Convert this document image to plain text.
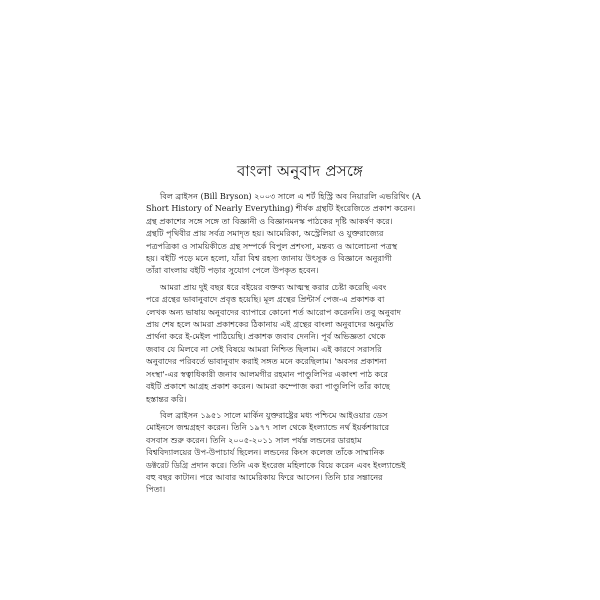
বাংলা অনুবাদ প্রসঙ্গে
বিল ব্রাইসন (Bill Bryson) ২০০৩ সালে এ শর্ট হিস্ট্রি অব নিয়ারলি এভরিথিং (A
Short History of Nearly Everything) শীর্ষক গ্রন্থটি ইংরেজিতে প্রকাশ করেন।
গ্রন্থ প্রকাশের সঙ্গে সঙ্গে তা বিজ্ঞানী ও বিজ্ঞানমনস্ক পাঠকের দৃষ্টি আকর্ষণ করে।
গ্রন্থটি পৃথিবীর প্রায় সর্বত্র সমাদৃত হয়। আমেরিকা, অস্ট্রেলিয়া ও যুক্তরাজ্যের
পত্রপত্রিকা ও সাময়িকীতে গ্রন্থ সম্পর্কে বিপুল প্রশংসা, মন্তব্য ও আলোচনা পত্রস্থ
হয়। বইটি পড়ে মনে হলো, যাঁরা বিশ্ব রহস্য জানায় উৎসুক ও বিজ্ঞানে অনুরাগী
তাঁরা বাংলায় বইটি পড়ার সুযোগ পেলে উপকৃত হবেন।
আমরা প্রায় দুই বছর ধরে বইয়ের বক্তব্য আত্মস্থ করার চেষ্টা করেছি এবং
পরে গ্রন্থের ভাবানুবাদে প্রবৃত্ত হয়েছি। মূল গ্রন্থের প্রিন্টার্স পেজ-এ প্রকাশক বা
লেখক অন্য ভাষায় অনুবাদের ব্যাপারে কোনো শর্ত আরোপ করেননি। তবু অনুবাদ
প্রায় শেষ হলে আমরা প্রকাশকের ঠিকানায় এই গ্রন্থের বাংলা অনুবাদের অনুমতি
প্রার্থনা করে ই-মেইল পাঠিয়েছি। প্রকাশক জবাব দেননি। পূর্ব অভিজ্ঞতা থেকে
জবাব যে মিলবে না সেই বিষয়ে আমরা নিশ্চিত ছিলাম। এই কারণে সরাসরি
অনুবাদের পরিবর্তে ভাবানুবাদ করাই সঙ্গত মনে করেছিলাম। 'অবসর প্রকাশনা
সংস্থা'-এর স্বত্বাধিকারী জনাব আলমগীর রহমান পাণ্ডুলিপির একাংশ পাঠ করে
বইটি প্রকাশে আগ্রহ প্রকাশ করেন। আমরা কম্পোজ করা পাণ্ডুলিপি তাঁর কাছে
হস্তান্তর করি।
বিল ব্রাইসন ১৯৫১ সালে মার্কিন যুক্তরাষ্ট্রের মধ্য পশ্চিমে আইওয়ার ডেস
মোইনসে জন্মগ্রহণ করেন। তিনি ১৯৭৭ সাল থেকে ইংল্যান্ডে নর্থ ইয়র্কশায়ারে
বসবাস শুরু করেন। তিনি ২০০৫-২০১১ সাল পর্যন্ত লন্ডনের ডারহাম
বিশ্ববিদ্যালয়ের উপ-উপাচার্য ছিলেন। লন্ডনের কিংস কলেজ তাঁকে সাম্মানিক
ডক্টরেট ডিগ্রি প্রদান করে। তিনি এক ইংরেজ মহিলাকে বিয়ে করেন এবং ইংল্যান্ডেই
বহু বছর কাটান। পরে আবার আমেরিকায় ফিরে আসেন। তিনি চার সন্তানের
পিতা।
